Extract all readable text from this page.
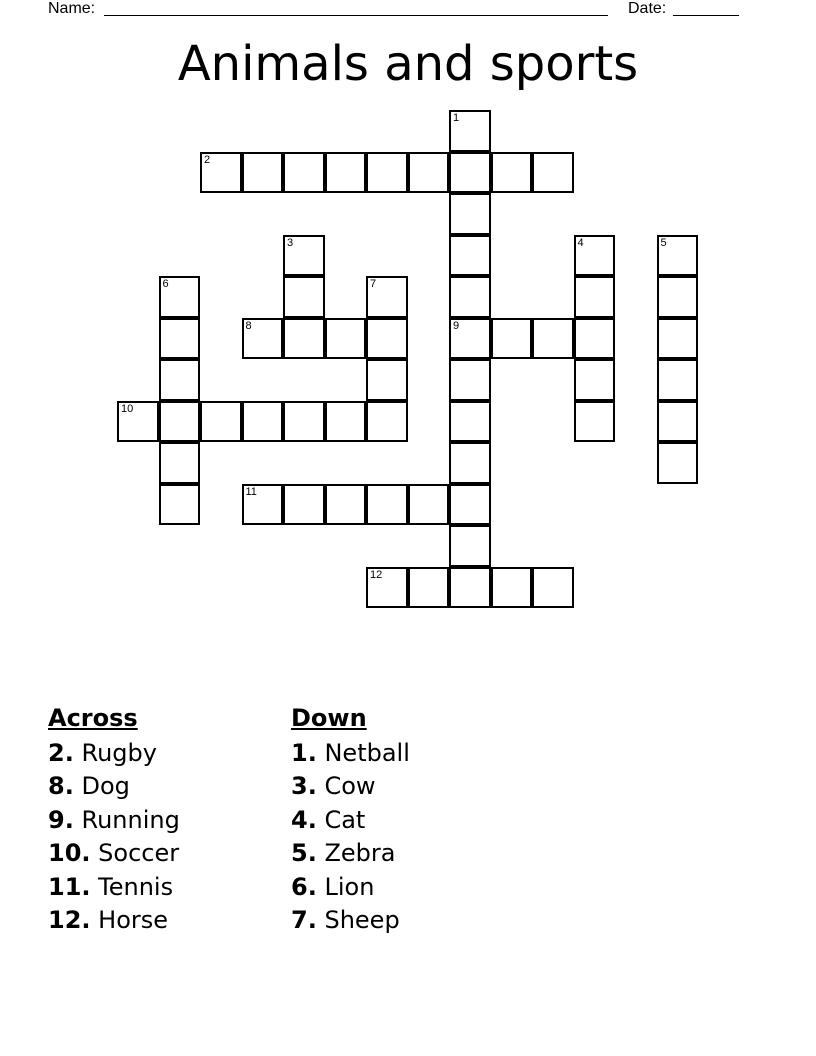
Name:	Date:
Animals and sports
1
9
2
3	4	5
6	7
8
10
11
12
Across
2. Rugby
8. Dog
9. Running
10. Soccer
11. Tennis
12. Horse
Down
1. Netball
3. Cow
4. Cat
5. Zebra
6. Lion
7. Sheep
